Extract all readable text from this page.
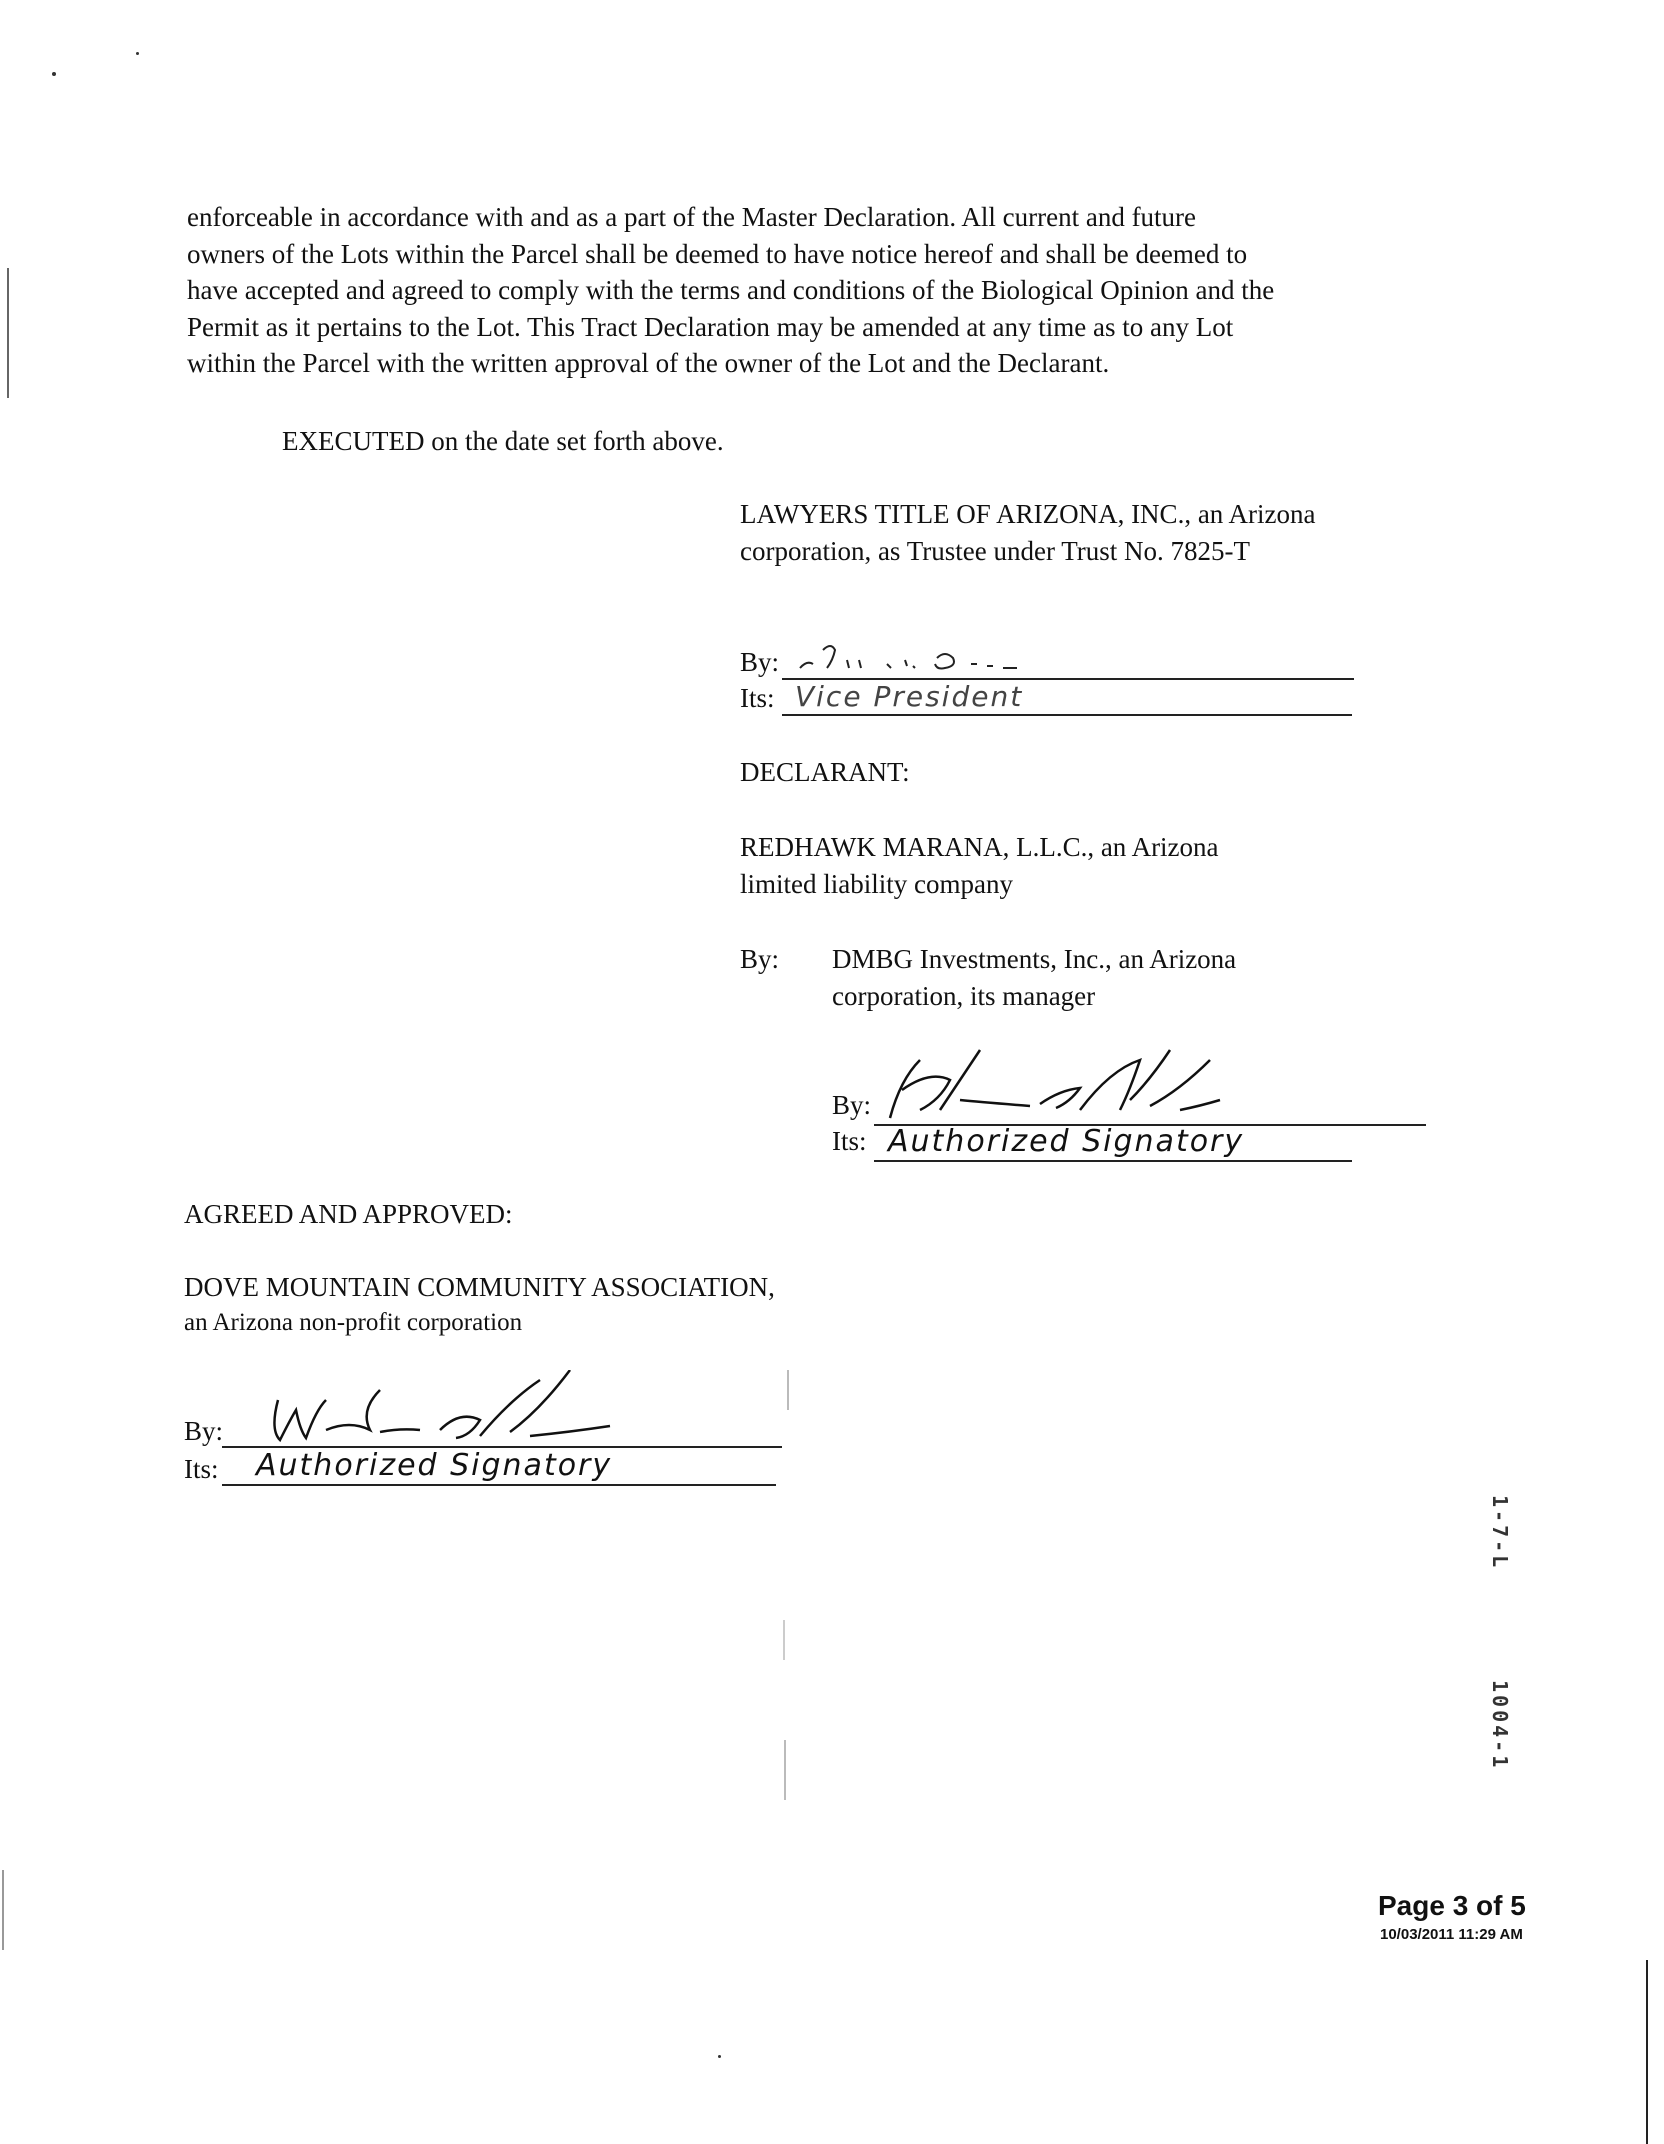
enforceable in accordance with and as a part of the Master Declaration. All current and future
owners of the Lots within the Parcel shall be deemed to have notice hereof and shall be deemed to
have accepted and agreed to comply with the terms and conditions of the Biological Opinion and the
Permit as it pertains to the Lot. This Tract Declaration may be amended at any time as to any Lot
within the Parcel with the written approval of the owner of the Lot and the Declarant.
EXECUTED on the date set forth above.
LAWYERS TITLE OF ARIZONA, INC., an Arizona
corporation, as Trustee under Trust No. 7825-T
By:
Its: Vice President
DECLARANT:
REDHAWK MARANA, L.L.C., an Arizona
limited liability company
By: DMBG Investments, Inc., an Arizona
corporation, its manager
By:
Its: Authorized Signatory
AGREED AND APPROVED:
DOVE MOUNTAIN COMMUNITY ASSOCIATION,
an Arizona non-profit corporation
By:
Its: Authorized Signatory
1-7-L
1004-1
Page 3 of 5
10/03/2011 11:29 AM
